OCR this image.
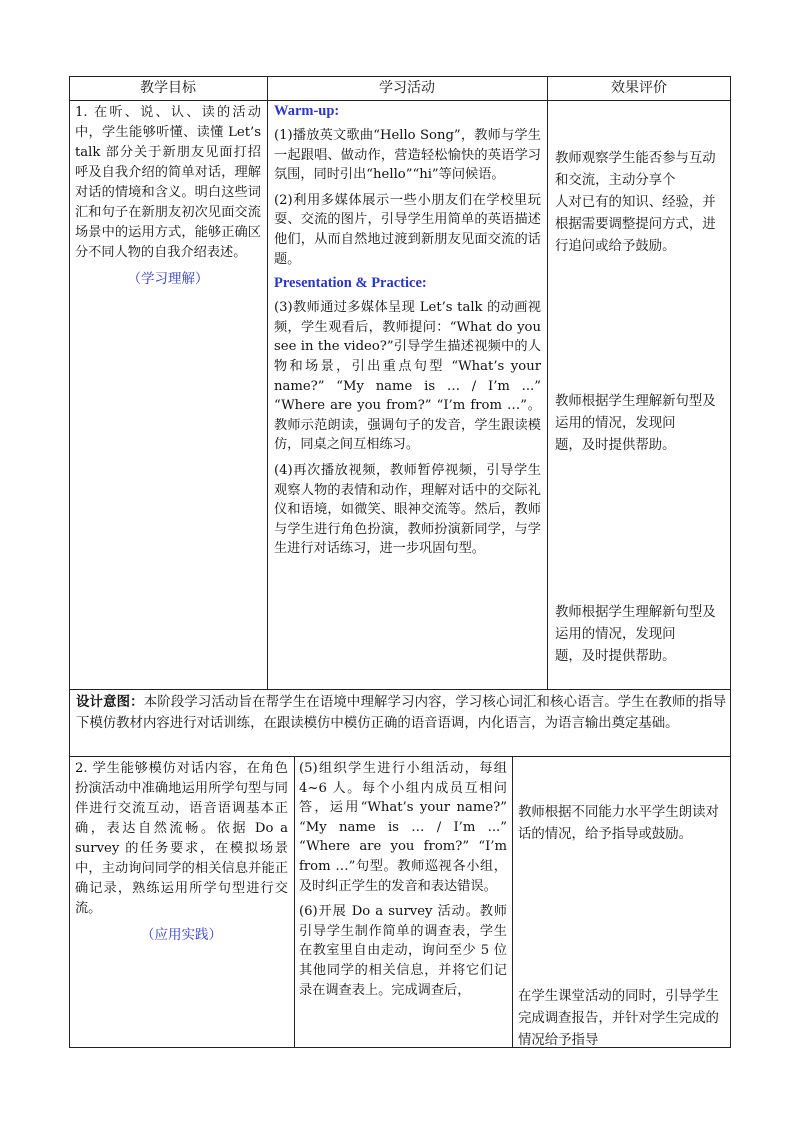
教学目标	学习活动	效果评价

1. 在听、说、认、读的活动中，学生能够听懂、读懂 Let’s talk 部分关于新朋友见面打招呼及自我介绍的简单对话，理解对话的情境和含义。明白这些词汇和句子在新朋友初次见面交流场景中的运用方式，能够正确区分不同人物的自我介绍表述。

（学习理解）
Warm-up:

(1)播放英文歌曲“Hello Song”，教师与学生一起跟唱、做动作，营造轻松愉快的英语学习氛围，同时引出“hello”“hi”等问候语。

(2)利用多媒体展示一些小朋友们在学校里玩耍、交流的图片，引导学生用简单的英语描述他们，从而自然地过渡到新朋友见面交流的话题。

Presentation & Practice:

(3)教师通过多媒体呈现 Let’s talk 的动画视频，学生观看后，教师提问：“What do you see in the video?”引导学生描述视频中的人物和场景，引出重点句型 “What’s your name?” “My name is … / I’m ...” “Where are you from?” “I’m from …”。教师示范朗读，强调句子的发音，学生跟读模仿，同桌之间互相练习。

(4)再次播放视频，教师暂停视频，引导学生观察人物的表情和动作，理解对话中的交际礼仪和语境，如微笑、眼神交流等。然后，教师与学生进行角色扮演，教师扮演新同学，与学生进行对话练习，进一步巩固句型。

教师观察学生能否参与互动和交流，主动分享个

人对已有的知识、经验，并根据需要调整提问方式，进行追问或给予鼓励。

教师根据学生理解新句型及运用的情况，发现问

题，及时提供帮助。

教师根据学生理解新句型及运用的情况，发现问

题，及时提供帮助。

设计意图：本阶段学习活动旨在帮学生在语境中理解学习内容，学习核心词汇和核心语言。学生在教师的指导下模仿教材内容进行对话训练，在跟读模仿中模仿正确的语音语调，内化语言，为语言输出奠定基础。

2. 学生能够模仿对话内容，在角色扮演活动中准确地运用所学句型与同伴进行交流互动，语音语调基本正确，表达自然流畅。依据 Do a survey 的任务要求，在模拟场景中，主动询问同学的相关信息并能正确记录，熟练运用所学句型进行交流。

（应用实践）

(5)组织学生进行小组活动，每组 4~6 人。每个小组内成员互相问答，运用“What’s your name?” “My name is … / I’m ...” “Where are you from?” “I’m from …”句型。教师巡视各小组，及时纠正学生的发音和表达错误。

(6)开展 Do a survey 活动。教师引导学生制作简单的调查表，学生在教室里自由走动，询问至少 5 位其他同学的相关信息，并将它们记录在调查表上。完成调查后，

教师根据不同能力水平学生朗读对话的情况，给予指导或鼓励。

在学生课堂活动的同时，引导学生完成调查报告，并针对学生完成的情况给予指导
